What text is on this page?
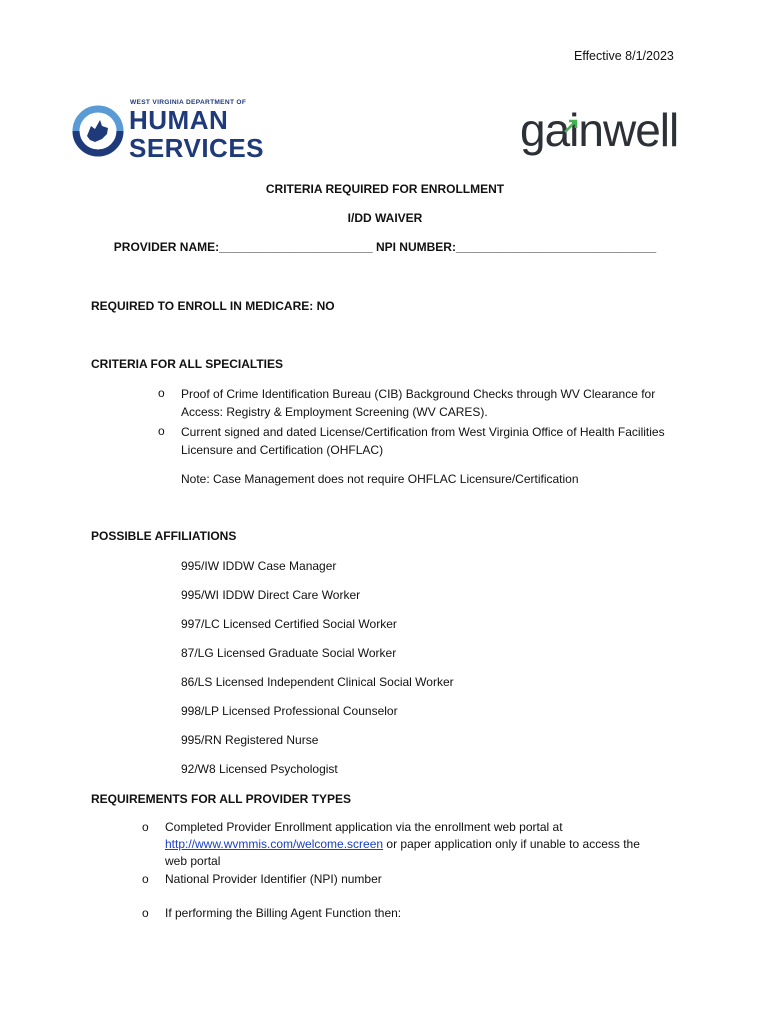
Effective 8/1/2023
WEST VIRGINIA DEPARTMENT OF
HUMAN
SERVICES	gainwell
CRITERIA REQUIRED FOR ENROLLMENT
I/DD WAIVER
PROVIDER NAME:_______________________ NPI NUMBER:______________________________
REQUIRED TO ENROLL IN MEDICARE: NO
CRITERIA FOR ALL SPECIALTIES
o Proof of Crime Identification Bureau (CIB) Background Checks through WV Clearance for Access: Registry & Employment Screening (WV CARES).
o Current signed and dated License/Certification from West Virginia Office of Health Facilities Licensure and Certification (OHFLAC)
Note: Case Management does not require OHFLAC Licensure/Certification
POSSIBLE AFFILIATIONS
995/IW IDDW Case Manager
995/WI IDDW Direct Care Worker
997/LC Licensed Certified Social Worker
87/LG Licensed Graduate Social Worker
86/LS Licensed Independent Clinical Social Worker
998/LP Licensed Professional Counselor
995/RN Registered Nurse
92/W8 Licensed Psychologist
REQUIREMENTS FOR ALL PROVIDER TYPES
o Completed Provider Enrollment application via the enrollment web portal at
http://www.wvmmis.com/welcome.screen or paper application only if unable to access the web portal
o National Provider Identifier (NPI) number
o If performing the Billing Agent Function then:
